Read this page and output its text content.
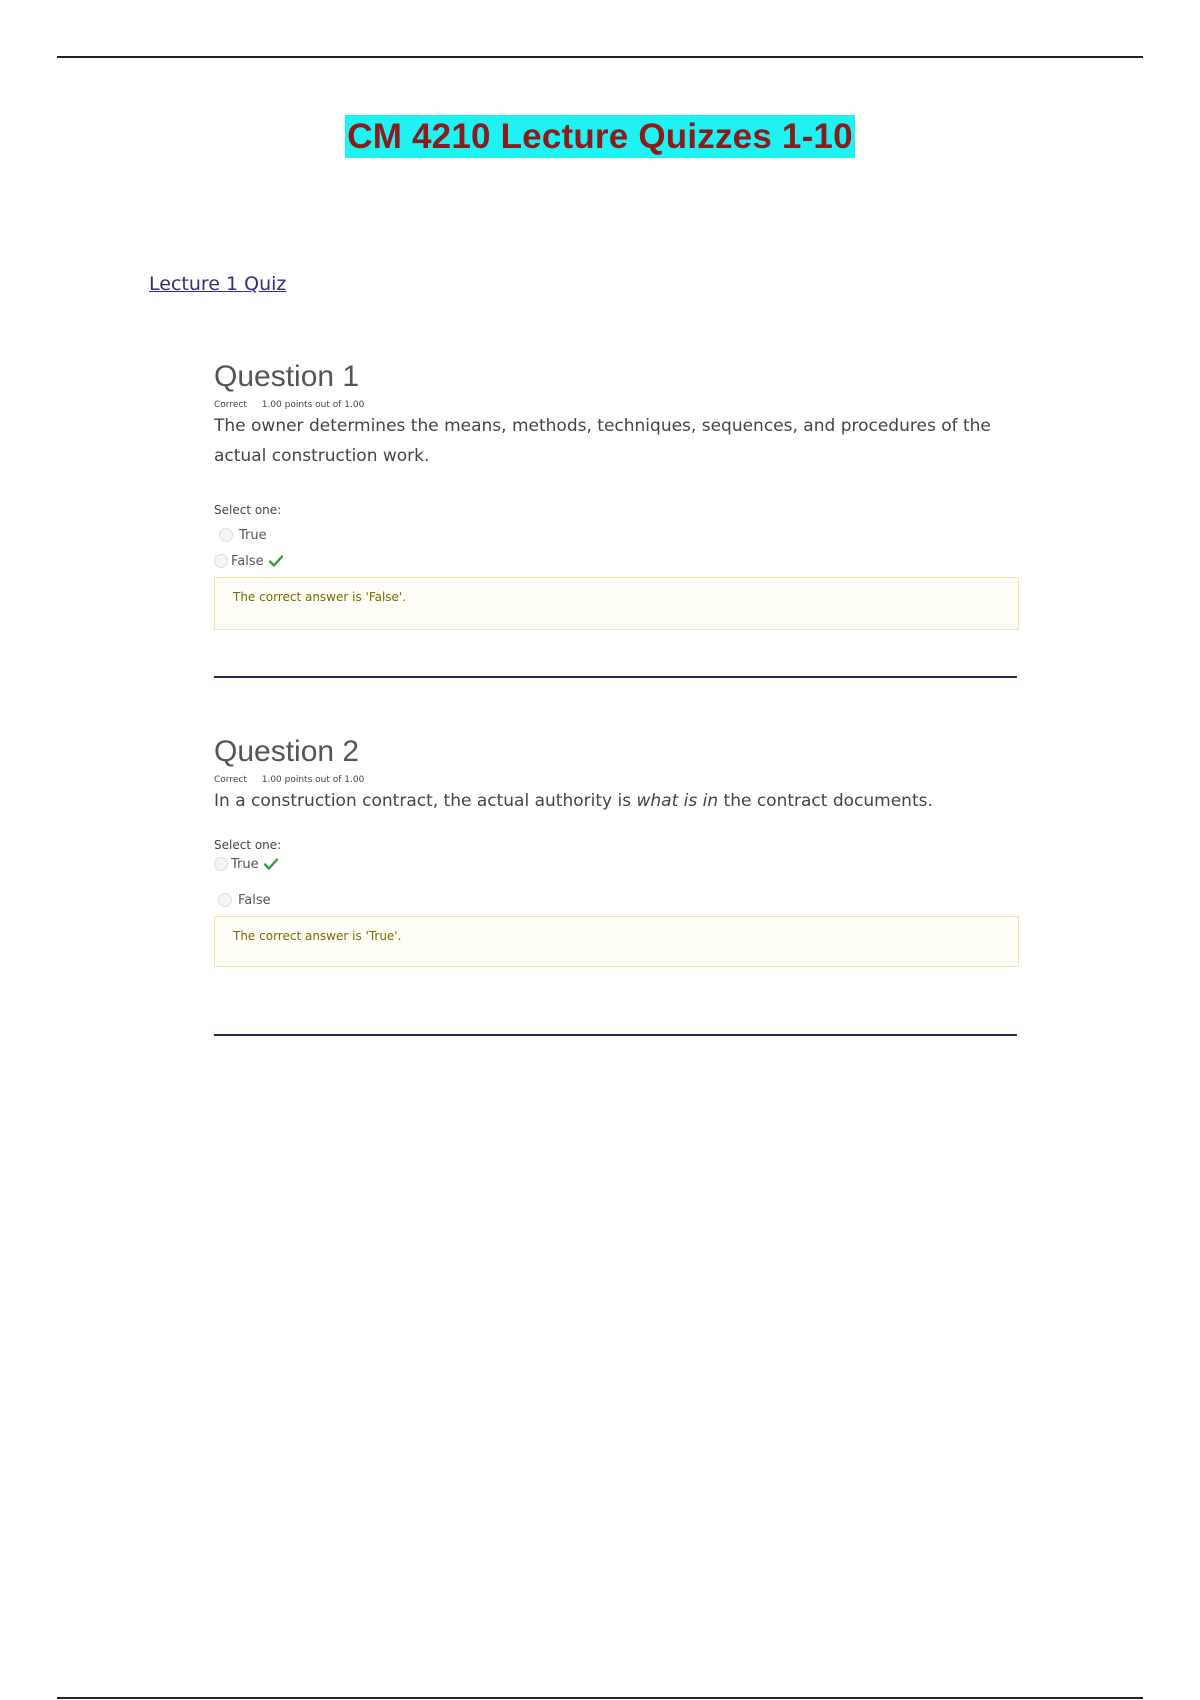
CM 4210 Lecture Quizzes 1-10
Lecture 1 Quiz
Question 1
Correct 1.00 points out of 1.00
The owner determines the means, methods, techniques, sequences, and procedures of the actual construction work.
Select one:
True
False
The correct answer is 'False'.
Question 2
Correct 1.00 points out of 1.00
In a construction contract, the actual authority is what is in the contract documents.
Select one:
True
False
The correct answer is 'True'.
